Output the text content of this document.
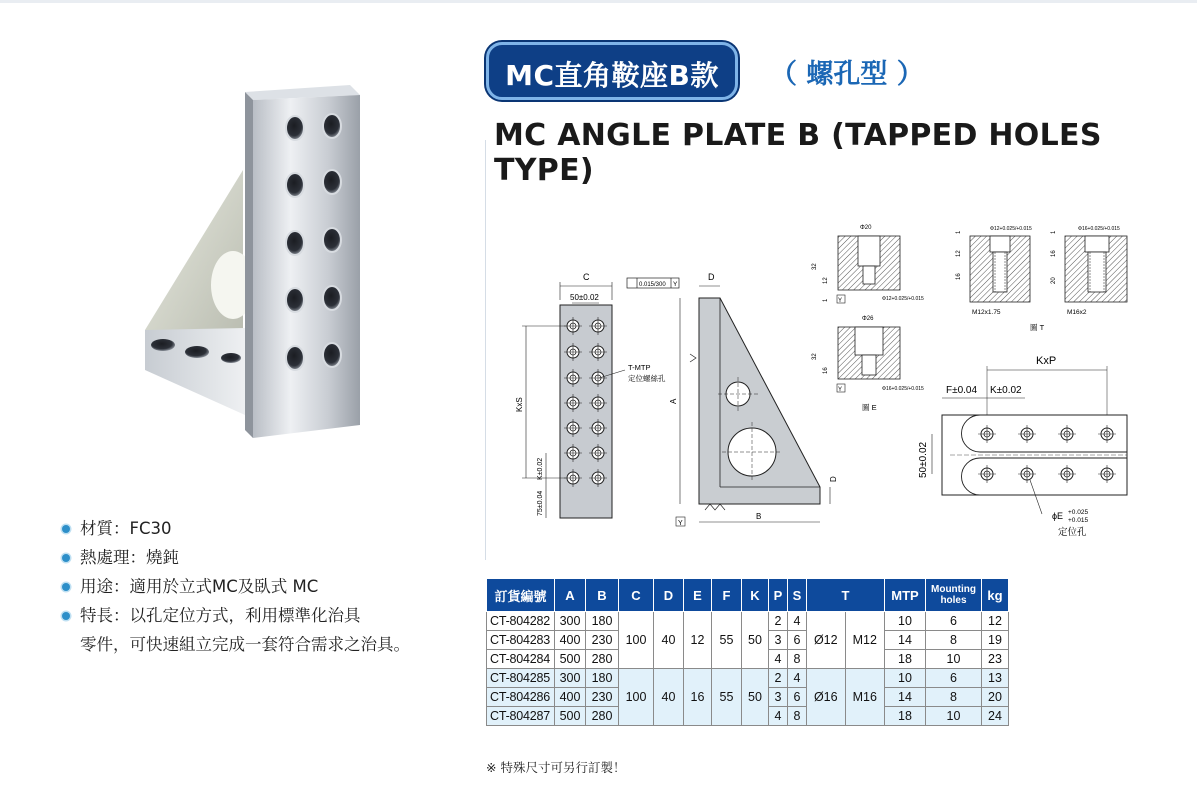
材質：FC30
熱處理：燒鈍
用途：適用於立式MC及臥式 MC
特長：以孔定位方式，利用標準化治具
零件，可快速組立完成一套符合需求之治具。
MC直角鞍座B款	（ 螺孔型 ）
MC ANGLE PLATE B (TAPPED HOLES TYPE)
C
50±0.02
KxS
K±0.02
75±0.04
T-MTP
定位螺絲孔
0.015/300 Y
D
A
B
D
Y
Φ20
32
12
1 Y	Φ12+0.025/+0.015
Φ26
32
16
Y	Φ16+0.025/+0.015
圖 E
Φ12+0.025/+0.015
1
12
16
M12x1.75
Φ16+0.025/+0.015
1
16
20
M16x2
圖 T
KxP
F±0.04 K±0.02
50±0.02
ϕE +0.025
+0.015
定位孔
訂貨編號	A	B	C	D	E	F	K	P	S	T		MTP	Mounting holes	kg
CT-804282	300	180	100	40	12	55	50	2	4	Ø12	M12	10	6	12
CT-804283	400	230						3	6			14	8	19
CT-804284	500	280						4	8			18	10	23
CT-804285	300	180	100	40	16	55	50	2	4	Ø16	M16	10	6	13
CT-804286	400	230						3	6			14	8	20
CT-804287	500	280						4	8			18	10	24
※ 特殊尺寸可另行訂製！
